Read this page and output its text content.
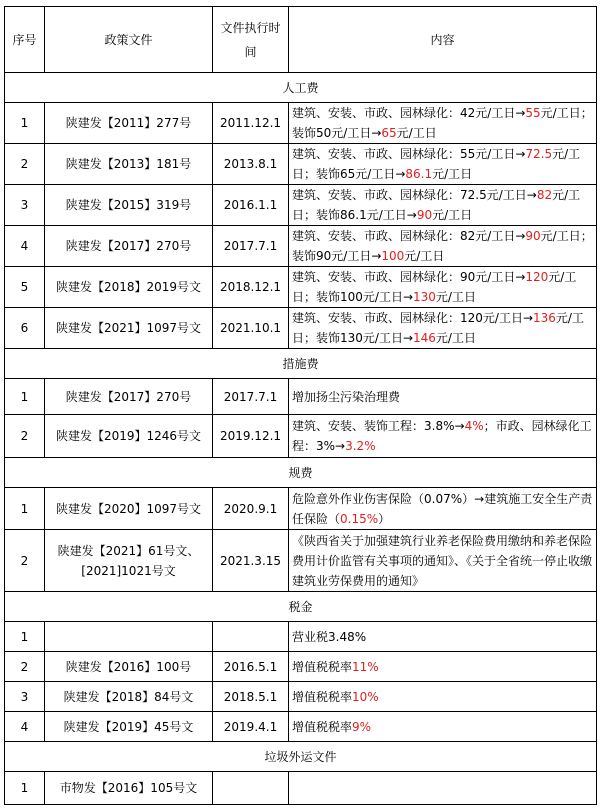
序号	政策文件	文件执行时间	内容
人工费			
1	陕建发【2011】277号	2011.12.1	建筑、安装、市政、园林绿化：42元/工日→55元/工日；装饰50元/工日→65元/工日
2	陕建发【2013】181号	2013.8.1	建筑、安装、市政、园林绿化：55元/工日→72.5元/工日；装饰65元/工日→86.1元/工日
3	陕建发【2015】319号	2016.1.1	建筑、安装、市政、园林绿化：72.5元/工日→82元/工日；装饰86.1元/工日→90元/工日
4	陕建发【2017】270号	2017.7.1	建筑、安装、市政、园林绿化：82元/工日→90元/工日；装饰90元/工日→100元/工日
5	陕建发【2018】2019号文	2018.12.1	建筑、安装、市政、园林绿化：90元/工日→120元/工日；装饰100元/工日→130元/工日
6	陕建发【2021】1097号文	2021.10.1	建筑、安装、市政、园林绿化：120元/工日→136元/工日；装饰130元/工日→146元/工日
措施费			
1	陕建发【2017】270号	2017.7.1	增加扬尘污染治理费
2	陕建发【2019】1246号文	2019.12.1	建筑、安装、装饰工程：3.8%→4%；市政、园林绿化工程：3%→3.2%
规费			
1	陕建发【2020】1097号文	2020.9.1	危险意外作业伤害保险（0.07%）→建筑施工安全生产责任保险（0.15%）
2	陕建发【2021】61号文、[2021]1021号文	2021.3.15	《陕西省关于加强建筑行业养老保险费用缴纳和养老保险费用计价监管有关事项的通知》、《关于全省统一停止收缴建筑业劳保费用的通知》
税金			
1			营业税3.48%
2	陕建发【2016】100号	2016.5.1	增值税税率11%
3	陕建发【2018】84号文	2018.5.1	增值税税率10%
4	陕建发【2019】45号文	2019.4.1	增值税税率9%
垃圾外运文件			
1	市物发【2016】105号文		
